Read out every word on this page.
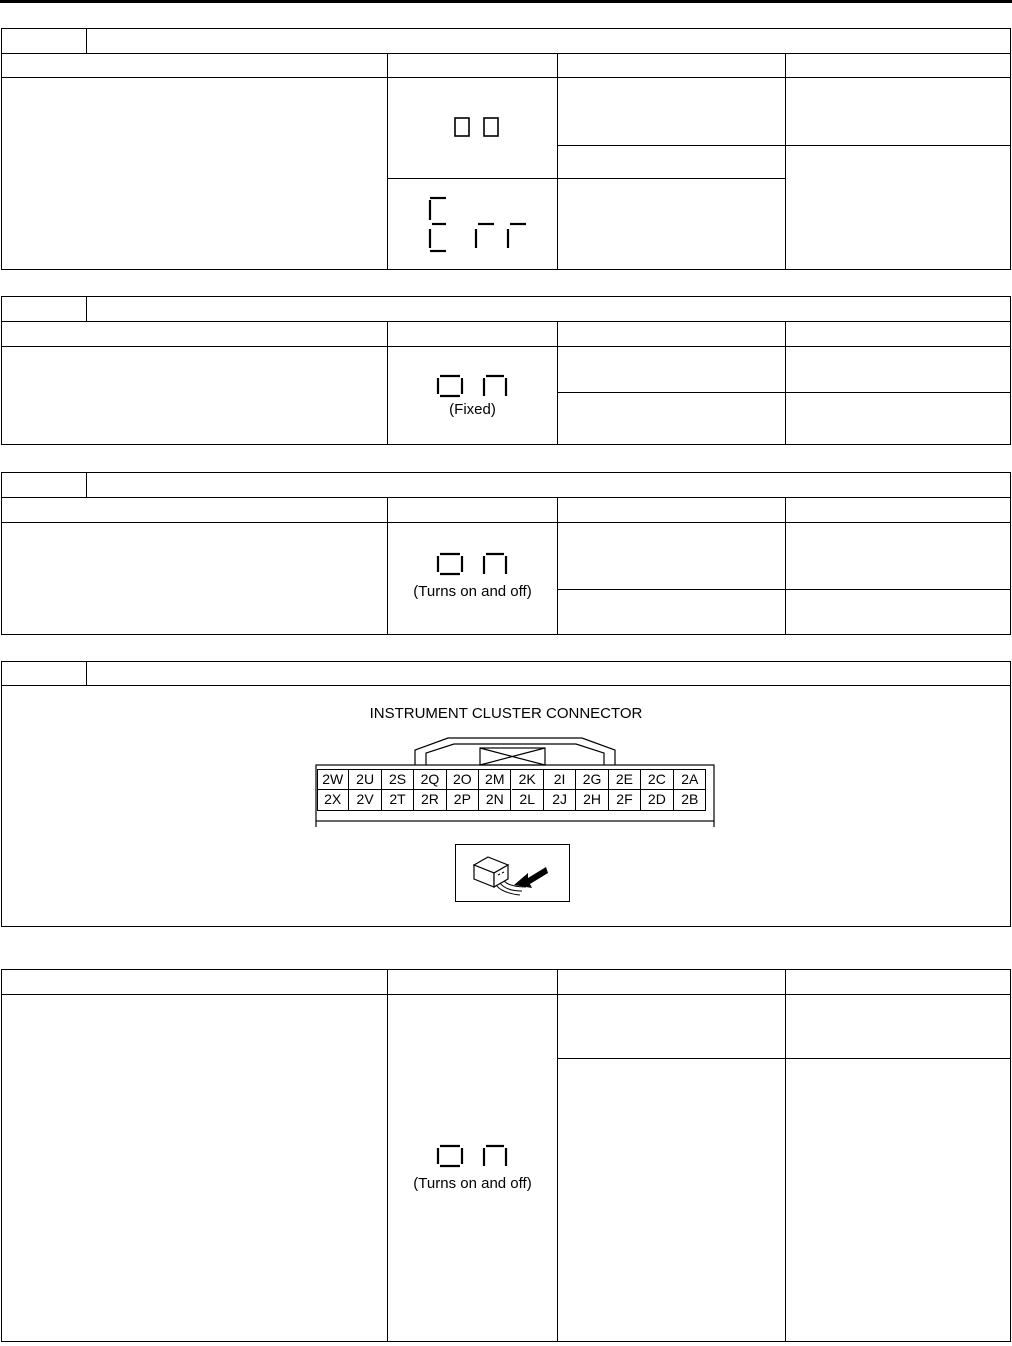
(Fixed)
(Turns on and off)
INSTRUMENT CLUSTER CONNECTOR
2W 2U	2S	2Q 2O 2M	2K	2I	2G	2E	2C	2A
2X	2V	2T	2R	2P	2N	2L	2J	2H	2F	2D	2B
(Turns on and off)
